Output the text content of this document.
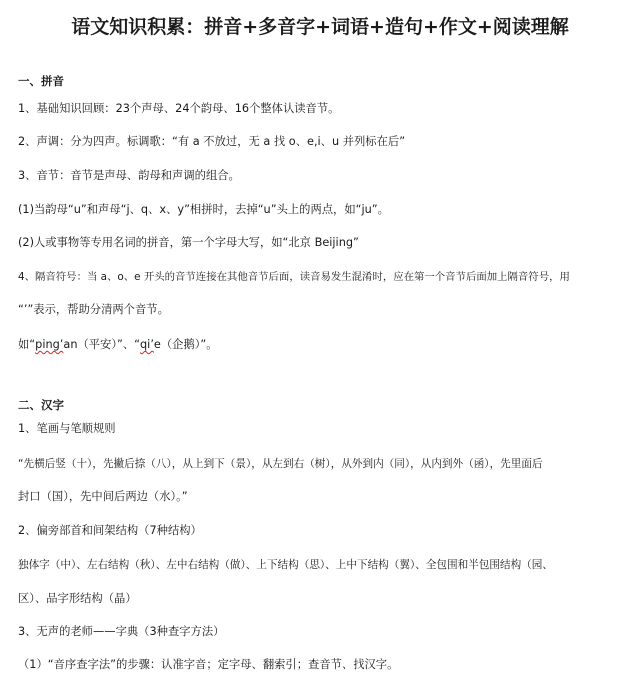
语文知识积累：拼音+多音字+词语+造句+作文+阅读理解
一、拼音
1、基础知识回顾：23个声母、24个韵母、16个整体认读音节。
2、声调：分为四声。标调歌：“有 a 不放过，无 a 找 o、e,i、u 并列标在后”
3、音节：音节是声母、韵母和声调的组合。
(1)当韵母“u”和声母“j、q、x、y”相拼时，去掉“u”头上的两点，如“ju”。
(2)人或事物等专用名词的拼音，第一个字母大写，如“北京 Beijing”
4、隔音符号：当 a、o、e 开头的音节连接在其他音节后面，读音易发生混淆时，应在第一个音节后面加上隔音符号，用
“’”表示，帮助分清两个音节。
如“ping’an（平安）”、“qi’e（企鹅）”。
二、汉字
1、笔画与笔顺规则
“先横后竖（十），先撇后捺（八），从上到下（景），从左到右（树），从外到内（同），从内到外（函），先里面后
封口（国），先中间后两边（水）。”
2、偏旁部首和间架结构（7种结构）
独体字（中）、左右结构（秋）、左中右结构（做）、上下结构（思）、上中下结构（翼）、全包围和半包围结构（园、
区）、品字形结构（晶）
3、无声的老师——字典（3种查字方法）
（1）“音序查字法”的步骤：认准字音；定字母、翻索引；查音节、找汉字。
